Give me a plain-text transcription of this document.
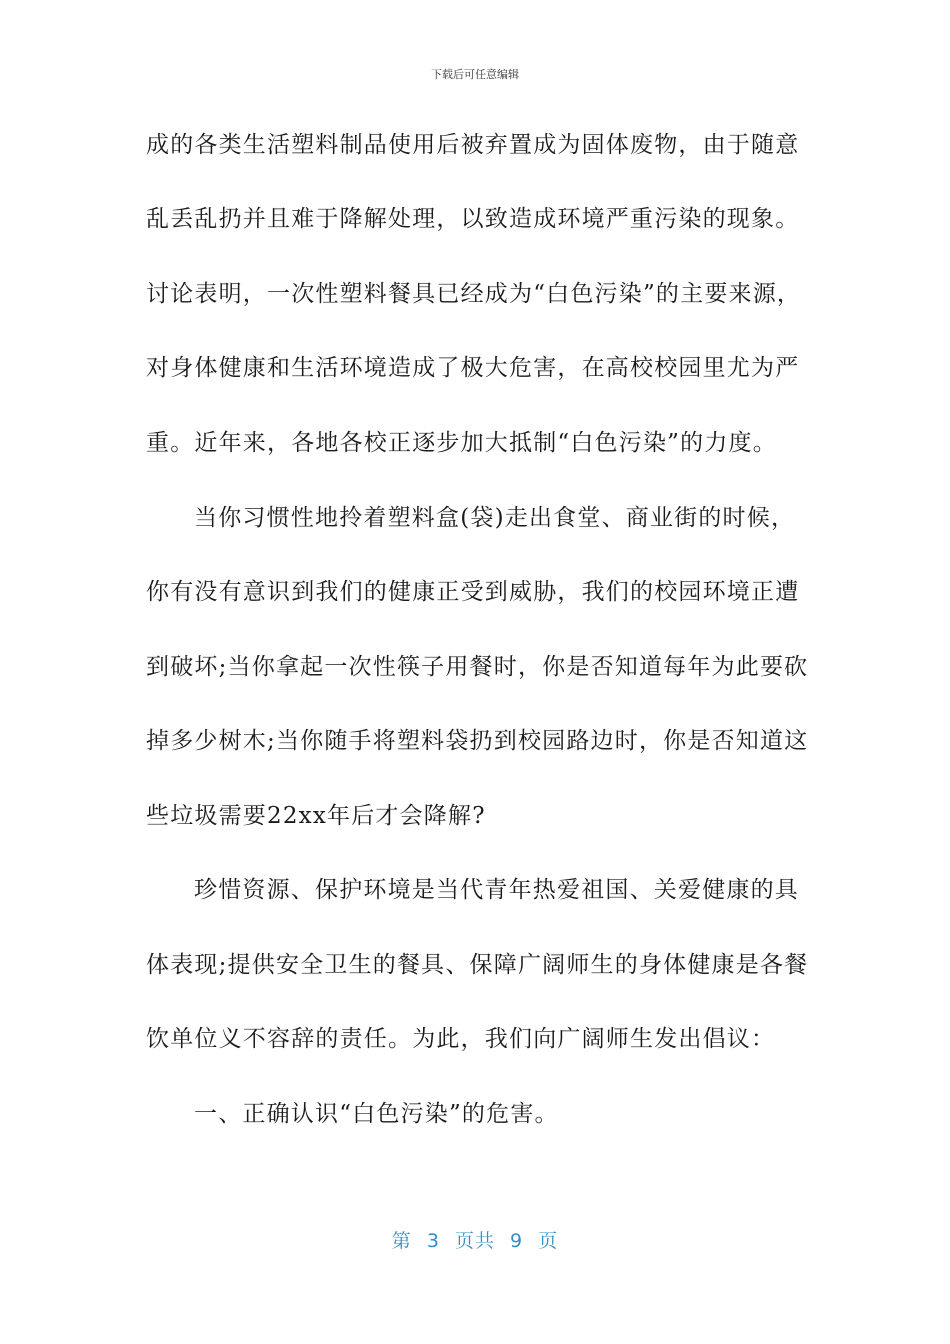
下载后可任意编辑
成的各类生活塑料制品使用后被弃置成为固体废物，由于随意
乱丢乱扔并且难于降解处理，以致造成环境严重污染的现象。
讨论表明，一次性塑料餐具已经成为“白色污染”的主要来源，
对身体健康和生活环境造成了极大危害，在高校校园里尤为严
重。近年来，各地各校正逐步加大抵制“白色污染”的力度。
当你习惯性地拎着塑料盒(袋)走出食堂、商业街的时候，
你有没有意识到我们的健康正受到威胁，我们的校园环境正遭
到破坏;当你拿起一次性筷子用餐时，你是否知道每年为此要砍
掉多少树木;当你随手将塑料袋扔到校园路边时，你是否知道这
些垃圾需要22xx年后才会降解?
珍惜资源、保护环境是当代青年热爱祖国、关爱健康的具
体表现;提供安全卫生的餐具、保障广阔师生的身体健康是各餐
饮单位义不容辞的责任。为此，我们向广阔师生发出倡议：
一、正确认识“白色污染”的危害。
第 3 页共 9 页
